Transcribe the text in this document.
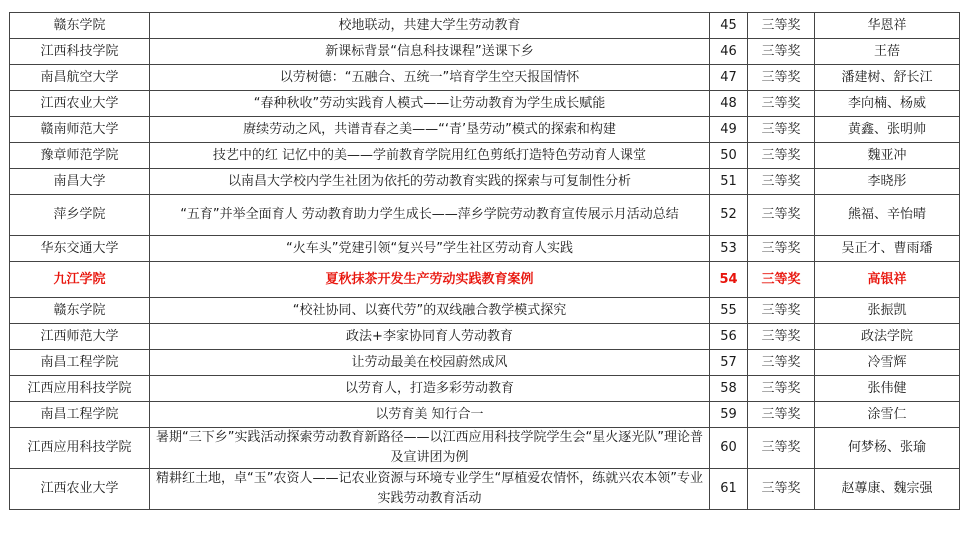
赣东学院	校地联动，共建大学生劳动教育	45	三等奖	华恩祥
江西科技学院	新课标背景“信息科技课程”送课下乡	46	三等奖	王蓓
南昌航空大学	以劳树德：“五融合、五统一”培育学生空天报国情怀	47	三等奖	潘建树、舒长江
江西农业大学	“春种秋收”劳动实践育人模式——让劳动教育为学生成长赋能	48	三等奖	李向楠、杨威
赣南师范大学	赓续劳动之风，共谱青春之美——“‘青’垦劳动”模式的探索和构建	49	三等奖	黄鑫、张明帅
豫章师范学院	技艺中的红 记忆中的美——学前教育学院用红色剪纸打造特色劳动育人课堂	50	三等奖	魏亚冲
南昌大学	以南昌大学校内学生社团为依托的劳动教育实践的探索与可复制性分析	51	三等奖	李晓彤
萍乡学院	“五育”并举全面育人 劳动教育助力学生成长——萍乡学院劳动教育宣传展示月活动总结	52	三等奖	熊福、辛怡晴
华东交通大学	“火车头”党建引领“复兴号”学生社区劳动育人实践	53	三等奖	吴正才、曹雨璠
九江学院	夏秋抹茶开发生产劳动实践教育案例	54	三等奖	高银祥
赣东学院	“校社协同、以赛代劳”的双线融合教学模式探究	55	三等奖	张振凯
江西师范大学	政法+李家协同育人劳动教育	56	三等奖	政法学院
南昌工程学院	让劳动最美在校园蔚然成风	57	三等奖	冷雪辉
江西应用科技学院	以劳育人，打造多彩劳动教育	58	三等奖	张伟健
南昌工程学院	以劳育美 知行合一	59	三等奖	涂雪仁
江西应用科技学院	暑期“三下乡”实践活动探索劳动教育新路径——以江西应用科技学院学生会“星火逐光队”理论普及宣讲团为例	60	三等奖	何梦杨、张瑜
江西农业大学	精耕红土地，卓“玉”农资人——记农业资源与环境专业学生“厚植爱农情怀，练就兴农本领”专业实践劳动教育活动	61	三等奖	赵蓴康、魏宗强
